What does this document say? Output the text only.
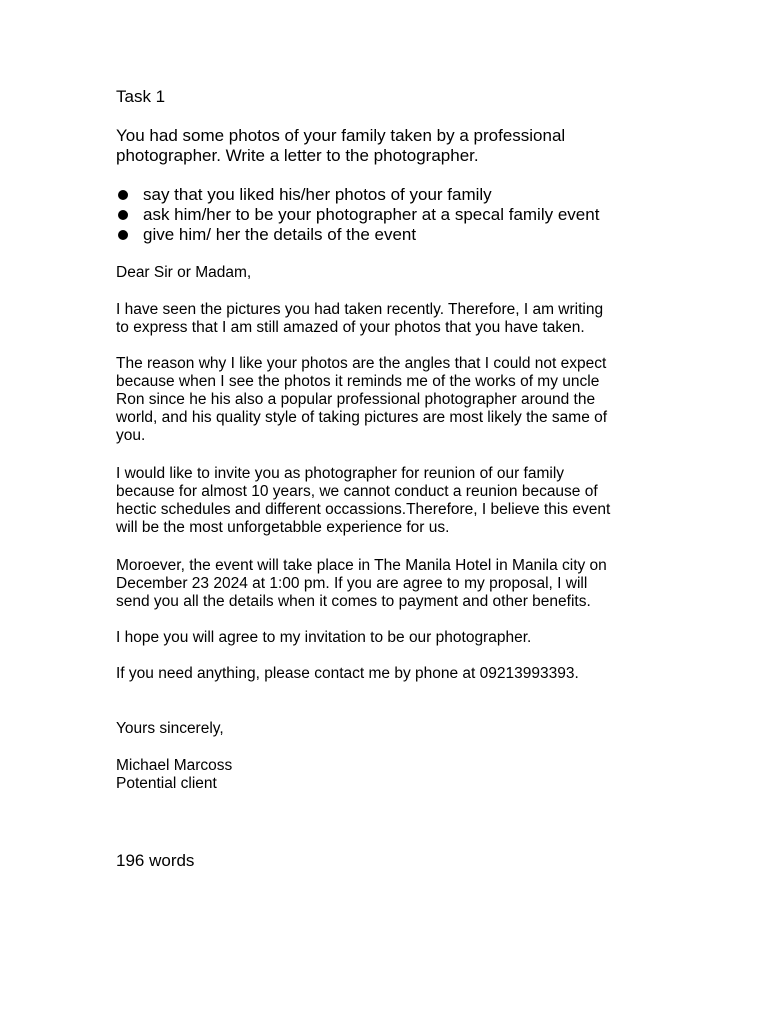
Task 1

You had some photos of your family taken by a professional
photographer. Write a letter to the photographer.

say that you liked his/her photos of your family
ask him/her to be your photographer at a specal family event
give him/ her the details of the event

Dear Sir or Madam,

I have seen the pictures you had taken recently. Therefore, I am writing
to express that I am still amazed of your photos that you have taken.

The reason why I like your photos are the angles that I could not expect
because when I see the photos it reminds me of the works of my uncle
Ron since he his also a popular professional photographer around the
world, and his quality style of taking pictures are most likely the same of
you.

I would like to invite you as photographer for reunion of our family
because for almost 10 years, we cannot conduct a reunion because of
hectic schedules and different occassions.Therefore, I believe this event
will be the most unforgetabble experience for us.

Moroever, the event will take place in The Manila Hotel in Manila city on
December 23 2024 at 1:00 pm. If you are agree to my proposal, I will
send you all the details when it comes to payment and other benefits.

I hope you will agree to my invitation to be our photographer.

If you need anything, please contact me by phone at 09213993393.

Yours sincerely,

Michael Marcoss

Potential client

196 words
